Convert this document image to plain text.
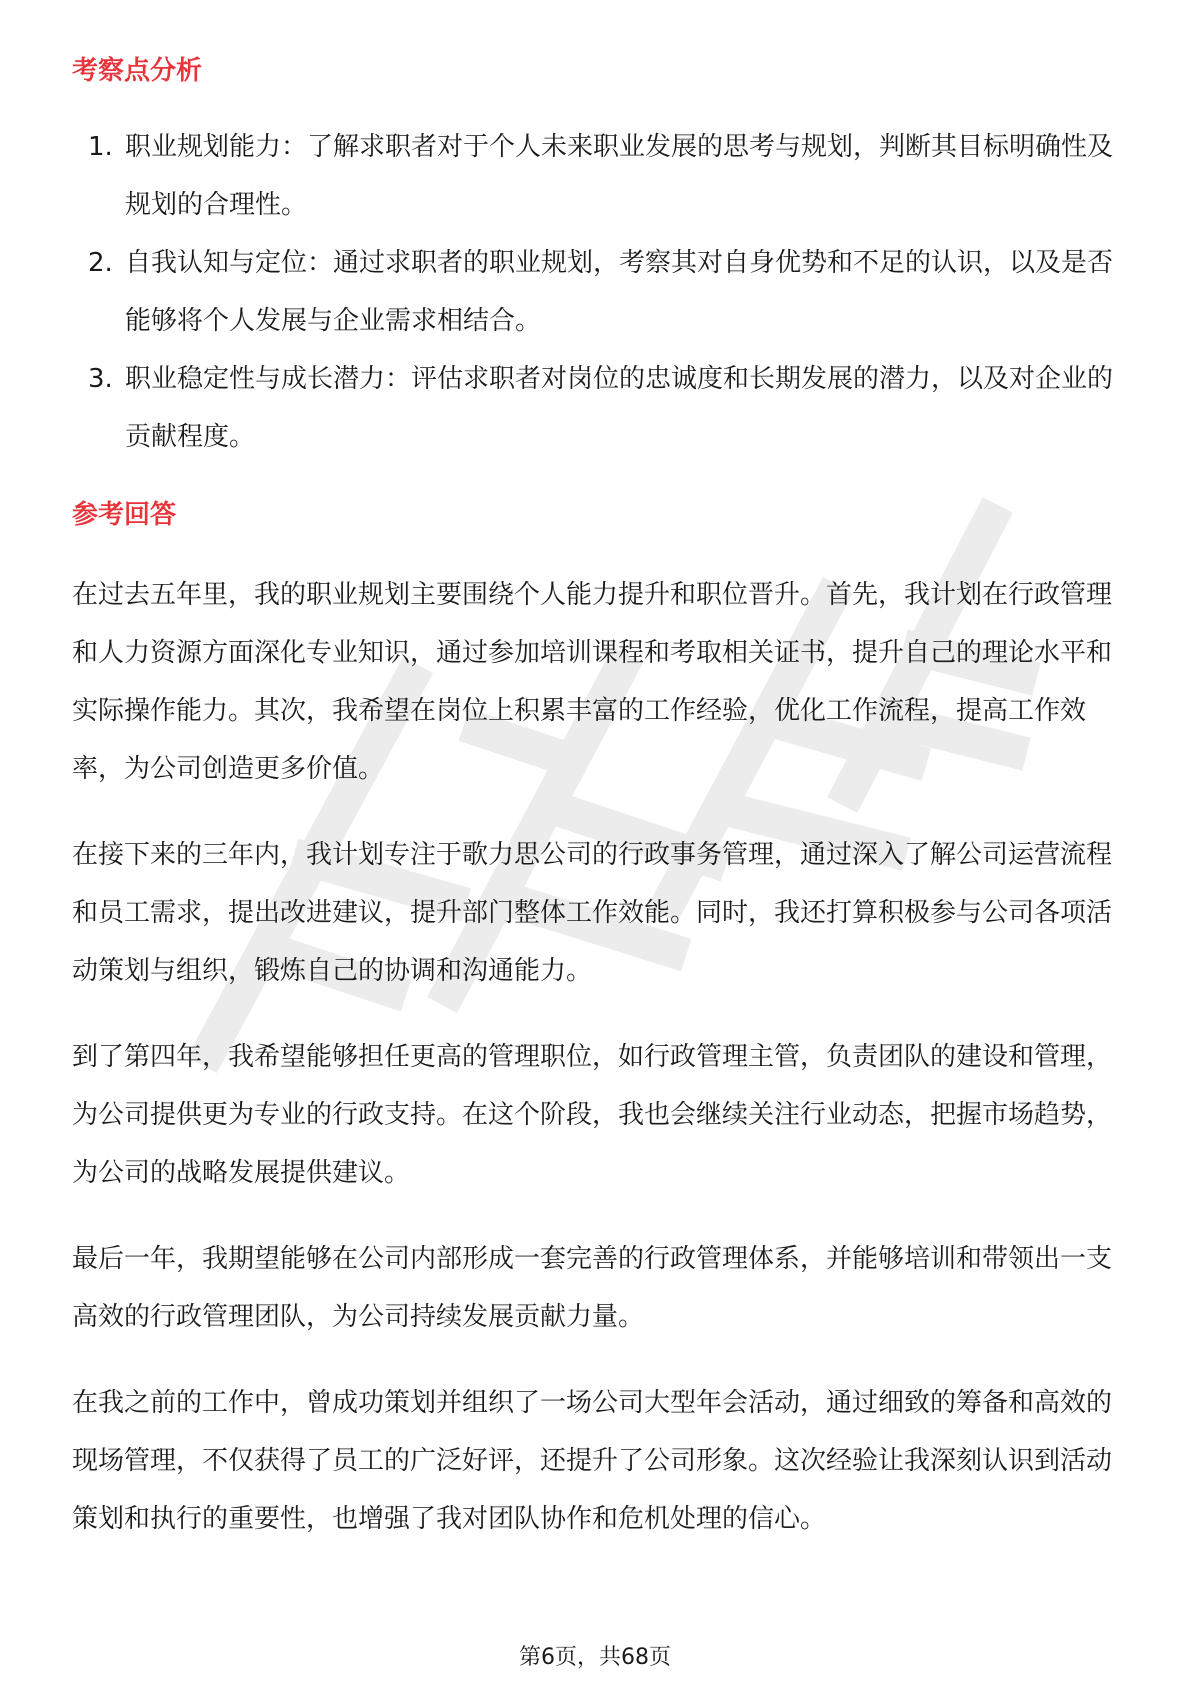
考察点分析
1. 职业规划能力：了解求职者对于个人未来职业发展的思考与规划，判断其目标明确性及规划的合理性。
2. 自我认知与定位：通过求职者的职业规划，考察其对自身优势和不足的认识，以及是否能够将个人发展与企业需求相结合。
3. 职业稳定性与成长潜力：评估求职者对岗位的忠诚度和长期发展的潜力，以及对企业的贡献程度。
参考回答

在过去五年里，我的职业规划主要围绕个人能力提升和职位晋升。首先，我计划在行政管理和人力资源方面深化专业知识，通过参加培训课程和考取相关证书，提升自己的理论水平和实际操作能力。其次，我希望在岗位上积累丰富的工作经验，优化工作流程，提高工作效率，为公司创造更多价值。

在接下来的三年内，我计划专注于歌力思公司的行政事务管理，通过深入了解公司运营流程和员工需求，提出改进建议，提升部门整体工作效能。同时，我还打算积极参与公司各项活动策划与组织，锻炼自己的协调和沟通能力。

到了第四年，我希望能够担任更高的管理职位，如行政管理主管，负责团队的建设和管理，为公司提供更为专业的行政支持。在这个阶段，我也会继续关注行业动态，把握市场趋势，为公司的战略发展提供建议。

最后一年，我期望能够在公司内部形成一套完善的行政管理体系，并能够培训和带领出一支高效的行政管理团队，为公司持续发展贡献力量。

在我之前的工作中，曾成功策划并组织了一场公司大型年会活动，通过细致的筹备和高效的现场管理，不仅获得了员工的广泛好评，还提升了公司形象。这次经验让我深刻认识到活动策划和执行的重要性，也增强了我对团队协作和危机处理的信心。

第6页，共68页
